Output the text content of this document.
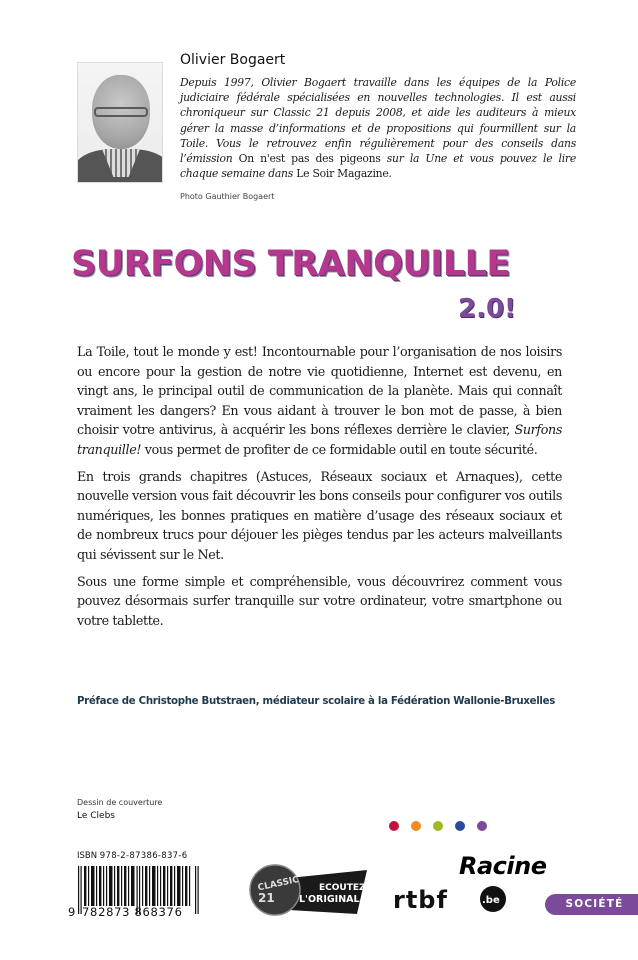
Olivier Bogaert
Depuis 1997, Olivier Bogaert travaille dans les équipes de la Police judiciaire fédérale spécialisées en nouvelles technologies. Il est aussi chroniqueur sur Classic 21 depuis 2008, et aide les auditeurs à mieux gérer la masse d’informations et de propositions qui fourmillent sur la Toile. Vous le retrouvez enfin régulièrement pour des conseils dans l’émission On n'est pas des pigeons sur la Une et vous pouvez le lire chaque semaine dans Le Soir Magazine.
Photo Gauthier Bogaert
SURFONS TRANQUILLE
2.0!

La Toile, tout le monde y est! Incontournable pour l’organisation de nos loisirs ou encore pour la gestion de notre vie quotidienne, Internet est devenu, en vingt ans, le principal outil de communication de la planète. Mais qui connaît vraiment les dangers? En vous aidant à trouver le bon mot de passe, à bien choisir votre antivirus, à acquérir les bons réflexes derrière le clavier, Surfons tranquille! vous permet de profiter de ce formidable outil en toute sécurité.

En trois grands chapitres (Astuces, Réseaux sociaux et Arnaques), cette nouvelle version vous fait découvrir les bons conseils pour configurer vos outils numériques, les bonnes pratiques en matière d’usage des réseaux sociaux et de nombreux trucs pour déjouer les pièges tendus par les acteurs malveillants qui sévissent sur le Net.

Sous une forme simple et compréhensible, vous découvrirez comment vous pouvez désormais surfer tranquille sur votre ordinateur, votre smartphone ou votre tablette.

Préface de Christophe Butstraen, médiateur scolaire à la Fédération Wallonie-Bruxelles
Dessin de couverture
Le Clebs
ISBN 978-2-87386-837-6
9 782873 868376
CLASSIC
21
ECOUTEZ
L'ORIGINAL
Racine
rtbf	.be	SOCIÉTÉ
